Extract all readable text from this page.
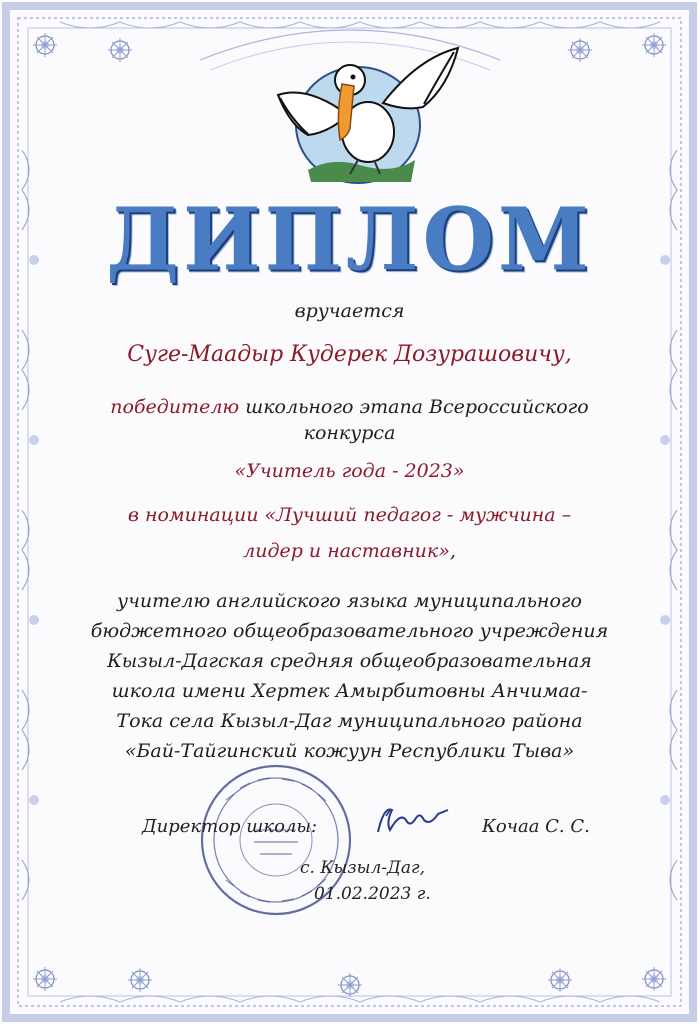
ДИПЛОМ
вручается
Суге-Маадыр Кудерек Дозурашовичу,
победителю школьного этапа Всероссийского
конкурса
«Учитель года - 2023»
в номинации «Лучший педагог - мужчина –
лидер и наставник»,
учителю английского языка муниципального
бюджетного общеобразовательного учреждения
Кызыл-Дагская средняя общеобразовательная
школа имени Хертек Амырбитовны Анчимаа-
Тока села Кызыл-Даг муниципального района
«Бай-Тайгинский кожуун Республики Тыва»
Директор школы:	Кочаа С. С.
с. Кызыл-Даг,
01.02.2023 г.
